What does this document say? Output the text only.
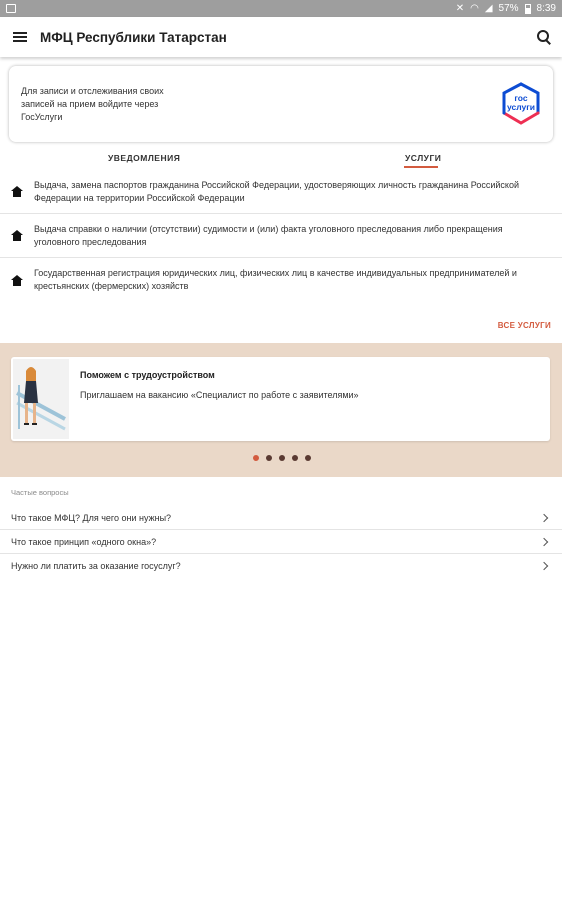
✕ ◠ ◢ 57% 8:39
МФЦ Республики Татарстан
Для записи и отслеживания своих записей на прием войдите через ГосУслуги
гос
услуги
УВЕДОМЛЕНИЯ	УСЛУГИ
Выдача, замена паспортов гражданина Российской Федерации, удостоверяющих личность гражданина Российской Федерации на территории Российской Федерации
Выдача справки о наличии (отсутствии) судимости и (или) факта уголовного преследования либо прекращения уголовного преследования
Государственная регистрация юридических лиц, физических лиц в качестве индивидуальных предпринимателей и крестьянских (фермерских) хозяйств
ВСЕ УСЛУГИ
Поможем с трудоустройством
Приглашаем на вакансию «Специалист по работе с заявителями»
Частые вопросы
Что такое МФЦ? Для чего они нужны?
Что такое принцип «одного окна»?
Нужно ли платить за оказание госуслуг?
